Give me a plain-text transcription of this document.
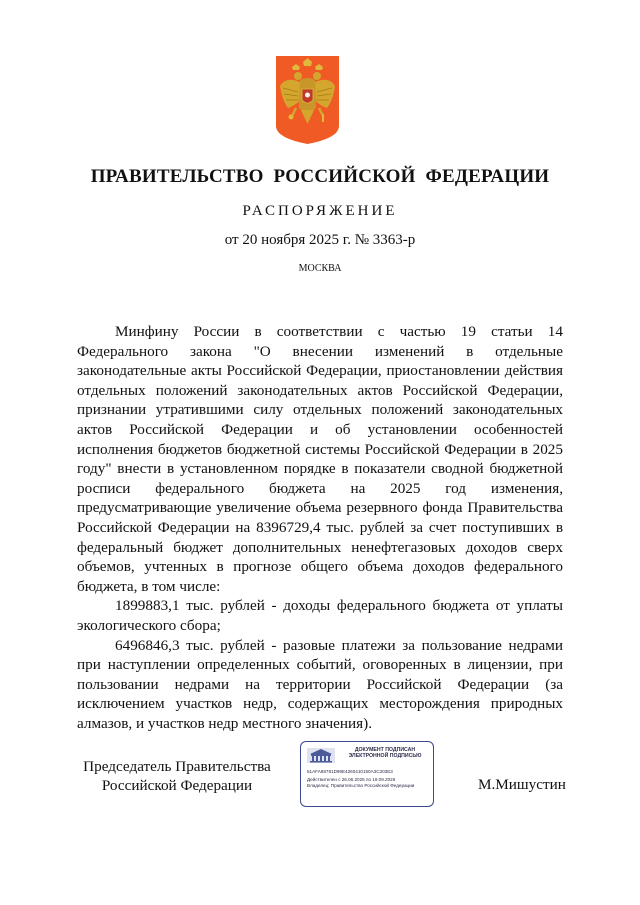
ПРАВИТЕЛЬСТВО  РОССИЙСКОЙ  ФЕДЕРАЦИИ
РАСПОРЯЖЕНИЕ
от 20 ноября 2025 г. № 3363-р
МОСКВА

Минфину России в соответствии с частью 19 статьи 14 Федерального закона "О внесении изменений в отдельные законодательные акты Российской Федерации, приостановлении действия отдельных положений законодательных актов Российской Федерации, признании утратившими силу отдельных положений законодательных актов Российской Федерации и об установлении особенностей исполнения бюджетов бюджетной системы Российской Федерации в 2025 году" внести в установленном порядке в показатели сводной бюджетной росписи федерального бюджета на 2025 год изменения, предусматривающие увеличение объема резервного фонда Правительства Российской Федерации на 8396729,4 тыс. рублей за счет поступивших в федеральный бюджет дополнительных ненефтегазовых доходов сверх объемов, учтенных в прогнозе общего объема доходов федерального бюджета, в том числе:

1899883,1 тыс. рублей - доходы федерального бюджета от уплаты экологического сбора;

6496846,3 тыс. рублей - разовые платежи за пользование недрами при наступлении определенных событий, оговоренных в лицензии, при пользовании недрами на территории Российской Федерации (за исключением участков недр, содержащих месторождения природных алмазов, и участков недр местного значения).

Председатель Правительства
Российской Федерации
ДОКУМЕНТ ПОДПИСАН
ЭЛЕКТРОННОЙ ПОДПИСЬЮ
51AFA88781D99E4260410150A3C303E3
Действителен с 26.06.2025 по 19.09.2026
Владелец: Правительство Российской Федерации	М.Мишустин
